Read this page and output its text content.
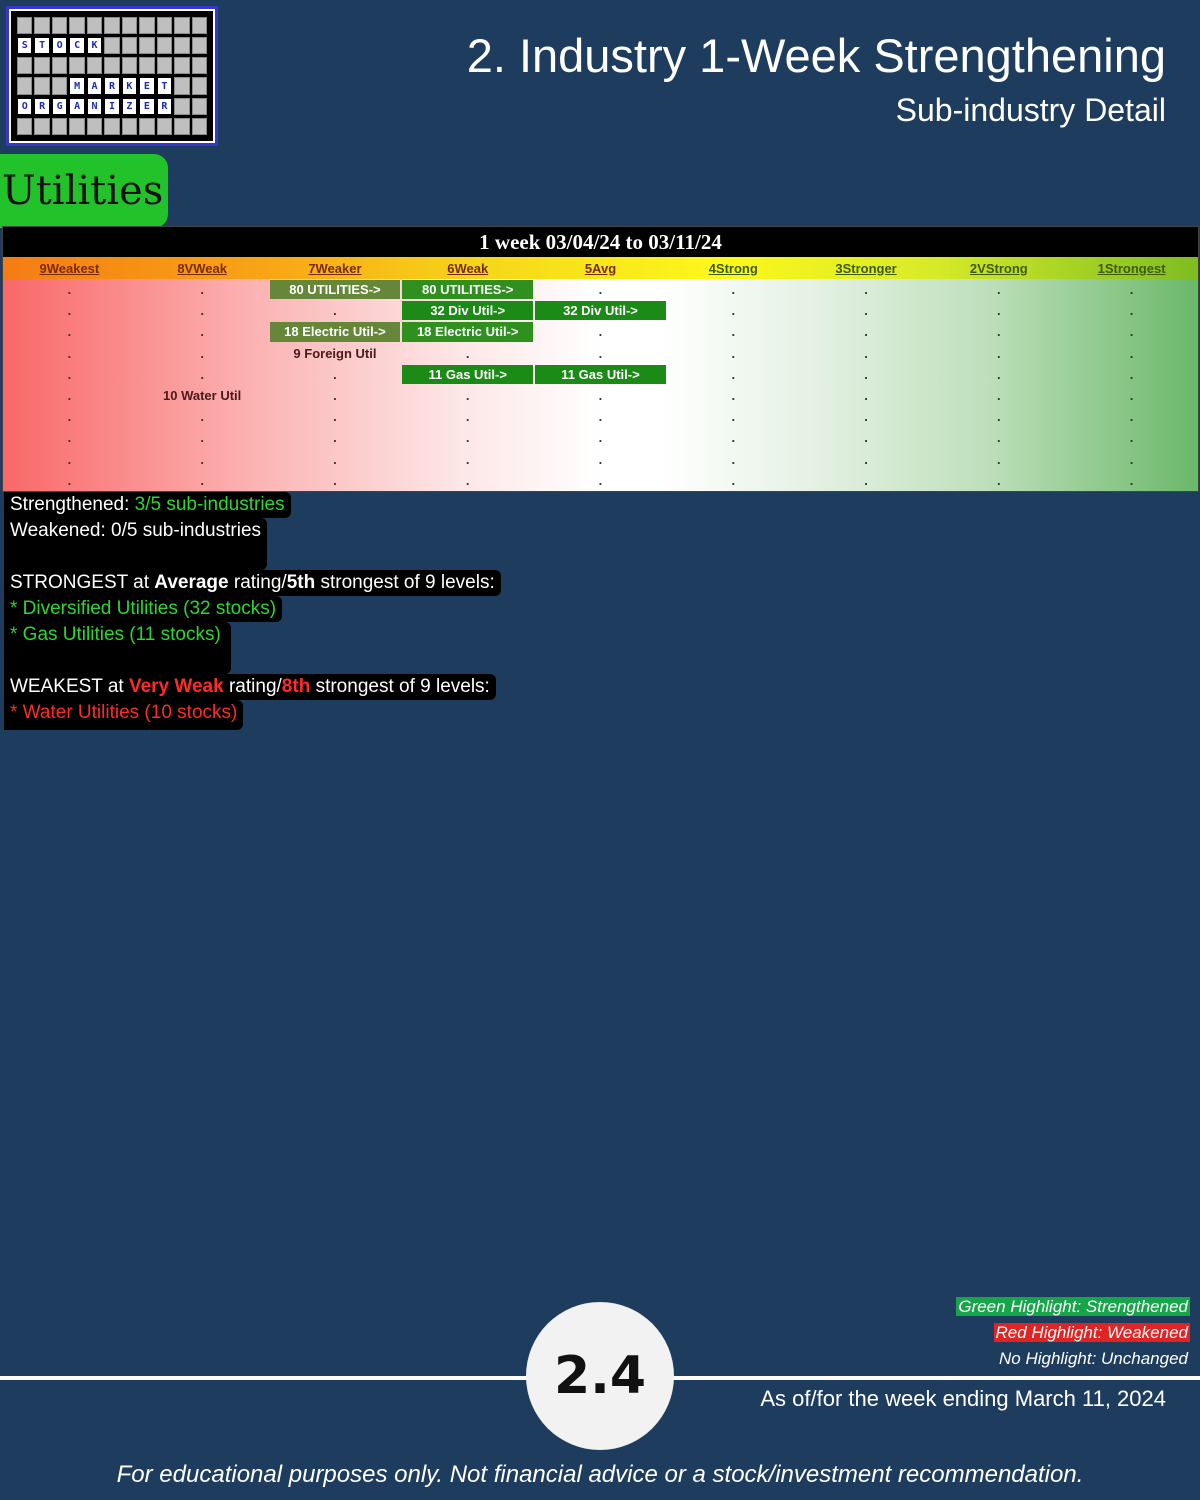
S	T	O	C	K
M	A	R	K	E	T
O	R	G	A	N	I	Z	E	R
2. Industry 1-Week Strengthening
Sub-industry Detail
Utilities
1 week 03/04/24 to 03/11/24
9Weakest	8VWeak	7Weaker	6Weak	5Avg	4Strong	3Stronger	2VStrong	1Strongest
.	.	80 UTILITIES->	80 UTILITIES->	.	.	.	.	.
.	.	.	32 Div Util->	32 Div Util->	.	.	.	.
.	.	18 Electric Util->	18 Electric Util->	.	.	.	.	.
.	.	9 Foreign Util	.	.	.	.	.	.
.	.	.	11 Gas Util->	11 Gas Util->	.	.	.	.
.	10 Water Util	.	.	.	.	.	.	.
.	.	.	.	.	.	.	.	.
.	.	.	.	.	.	.	.	.
.	.	.	.	.	.	.	.	.
.	.	.	.	.	.	.	.	.
Strengthened: 3/5 sub-industries
Weakened: 0/5 sub-industries
STRONGEST at Average rating/5th strongest of 9 levels:
* Diversified Utilities (32 stocks)
* Gas Utilities (11 stocks)
WEAKEST at Very Weak rating/8th strongest of 9 levels:
* Water Utilities (10 stocks)
Green Highlight: Strengthened
Red Highlight: Weakened
No Highlight: Unchanged
2.4	As of/for the week ending March 11, 2024
For educational purposes only. Not financial advice or a stock/investment recommendation.
